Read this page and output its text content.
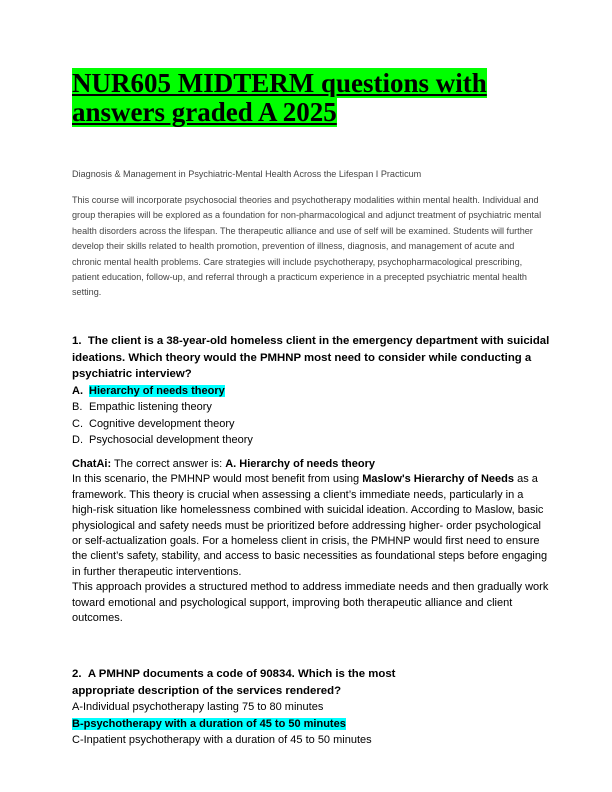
NUR605 MIDTERM questions with answers graded A 2025
Diagnosis & Management in Psychiatric-Mental Health Across the Lifespan I Practicum
This course will incorporate psychosocial theories and psychotherapy modalities within mental health. Individual and group therapies will be explored as a foundation for non-pharmacological and adjunct treatment of psychiatric mental health disorders across the lifespan. The therapeutic alliance and use of self will be examined. Students will further develop their skills related to health promotion, prevention of illness, diagnosis, and management of acute and chronic mental health problems. Care strategies will include psychotherapy, psychopharmacological prescribing, patient education, follow-up, and referral through a practicum experience in a precepted psychiatric mental health setting.

1. The client is a 38-year-old homeless client in the emergency department with suicidal ideations. Which theory would the PMHNP most need to consider while conducting a psychiatric interview?

A. Hierarchy of needs theory
B. Empathic listening theory
C. Cognitive development theory
D. Psychosocial development theory

ChatAi: The correct answer is: A. Hierarchy of needs theory

In this scenario, the PMHNP would most benefit from using Maslow's Hierarchy of Needs as a framework. This theory is crucial when assessing a client’s immediate needs, particularly in a high-risk situation like homelessness combined with suicidal ideation. According to Maslow, basic physiological and safety needs must be prioritized before addressing higher- order psychological or self-actualization goals. For a homeless client in crisis, the PMHNP would first need to ensure the client’s safety, stability, and access to basic necessities as foundational steps before engaging in further therapeutic interventions.

This approach provides a structured method to address immediate needs and then gradually work toward emotional and psychological support, improving both therapeutic alliance and client outcomes.

2. A PMHNP documents a code of 90834. Which is the most
appropriate description of the services rendered?

A-Individual psychotherapy lasting 75 to 80 minutes
B-psychotherapy with a duration of 45 to 50 minutes
C-Inpatient psychotherapy with a duration of 45 to 50 minutes
